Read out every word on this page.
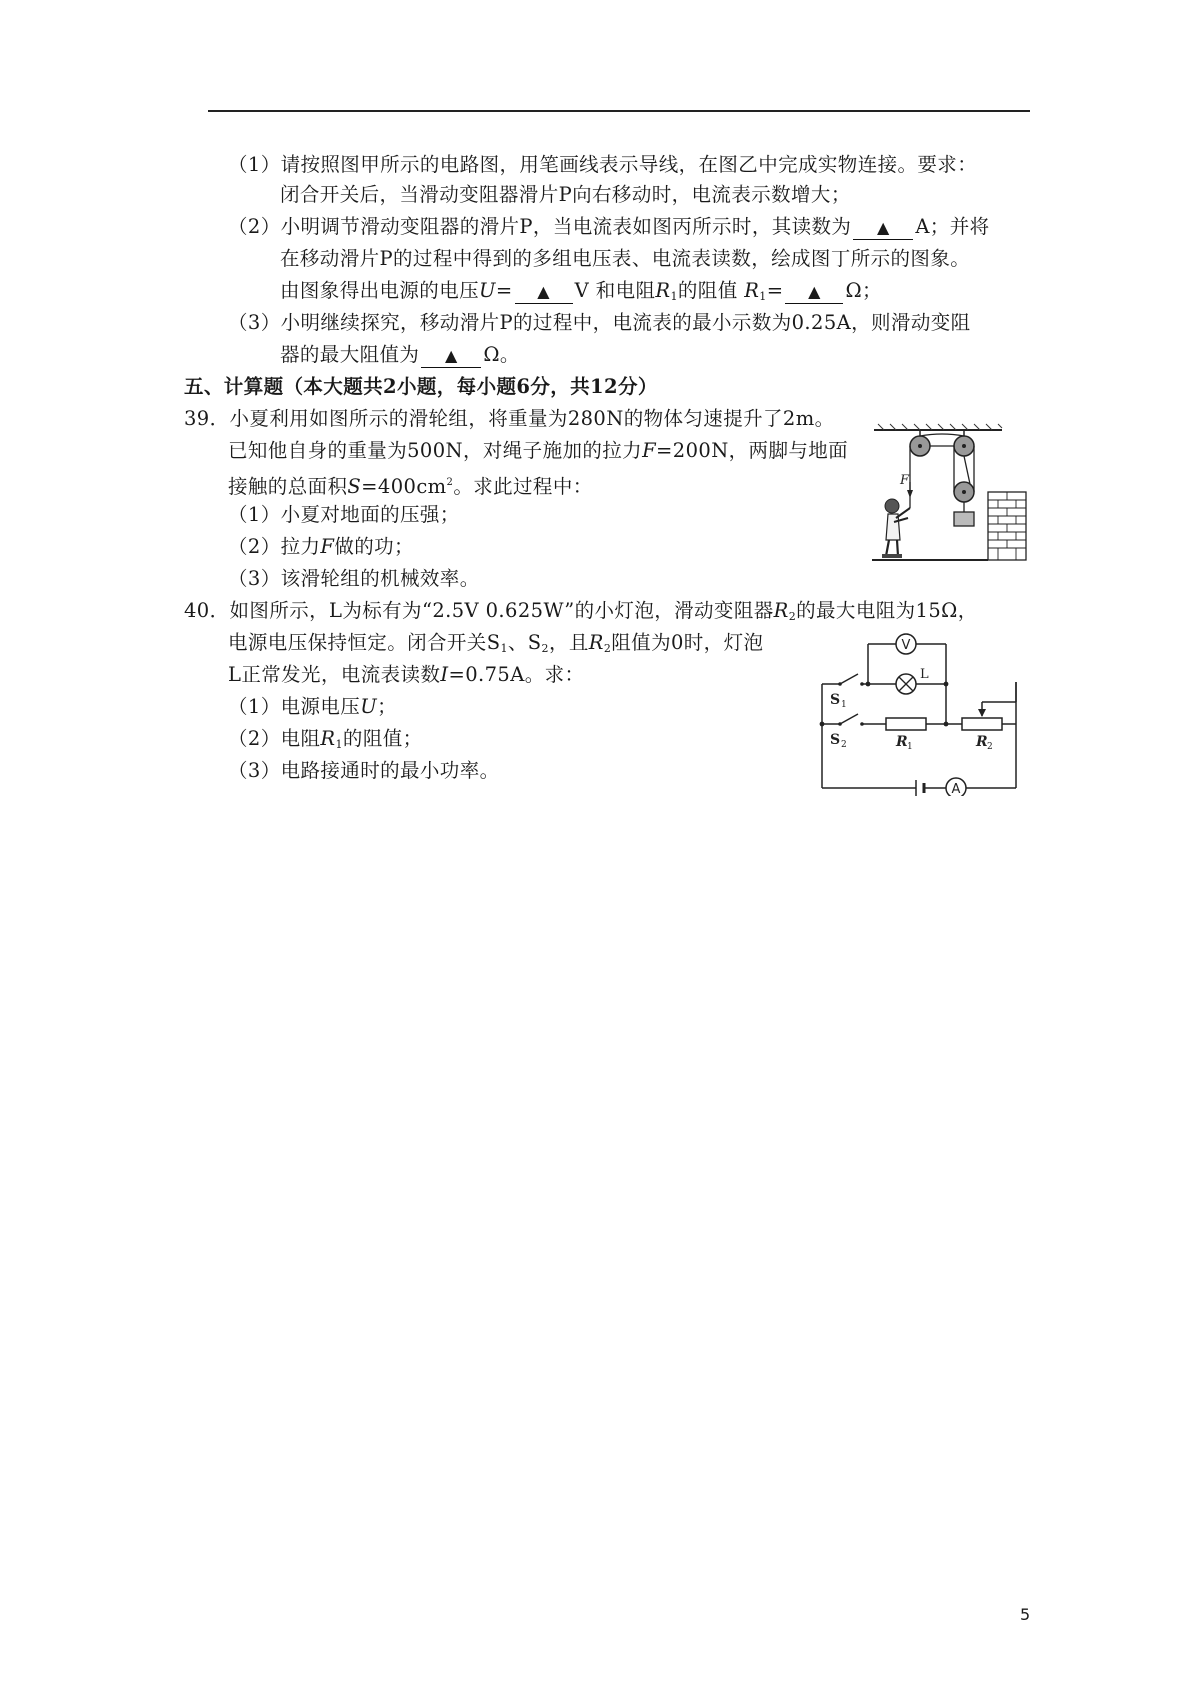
（1）请按照图甲所示的电路图，用笔画线表示导线，在图乙中完成实物连接。要求：
闭合开关后，当滑动变阻器滑片P向右移动时，电流表示数增大；
（2）小明调节滑动变阻器的滑片P，当电流表如图丙所示时，其读数为 ▲ A；并将
在移动滑片P的过程中得到的多组电压表、电流表读数，绘成图丁所示的图象。
由图象得出电源的电压U= ▲ V 和电阻$R_1$的阻值 $R_1=$ ▲ Ω；
（3）小明继续探究，移动滑片P的过程中，电流表的最小示数为0.25A，则滑动变阻
器的最大阻值为 ▲ Ω。
五、计算题（本大题共2小题，每小题6分，共12分）
39．小夏利用如图所示的滑轮组，将重量为280N的物体匀速提升了2m。
已知他自身的重量为500N，对绳子施加的拉力F=200N，两脚与地面
接触的总面积$S=400cm^2$。求此过程中：
（1）小夏对地面的压强；
（2）拉力F做的功；
（3）该滑轮组的机械效率。
F
40．如图所示，L为标有为“2.5V 0.625W”的小灯泡，滑动变阻器$R_2$的最大电阻为15Ω，
电源电压保持恒定。闭合开关$S_1$、$S_2$，且$R_2$阻值为0时，灯泡
L正常发光，电流表读数I=0.75A。求：
（1）电源电压U；
（2）电阻$R_1$的阻值；
（3）电路接通时的最小功率。
V
L
A
S 1
S 2	R 1	R 2
5
